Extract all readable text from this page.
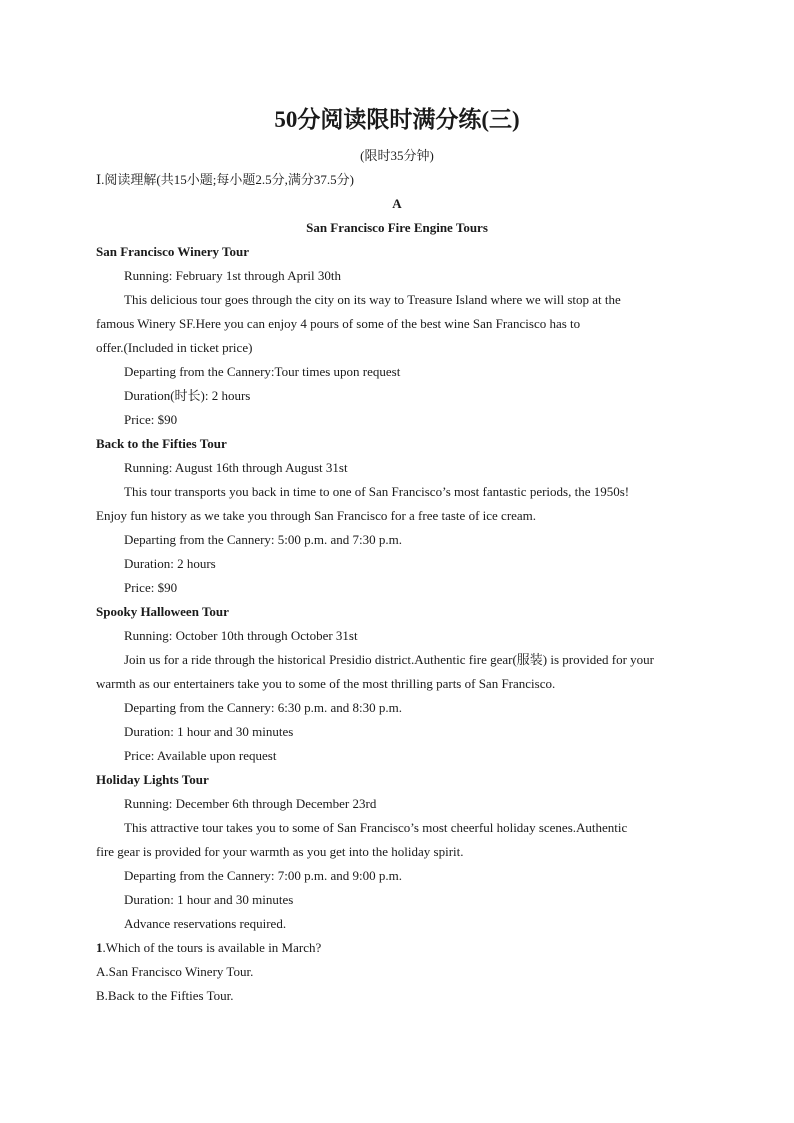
50分阅读限时满分练(三)
(限时35分钟)
Ⅰ.阅读理解(共15小题;每小题2.5分,满分37.5分)
A
San Francisco Fire Engine Tours
San Francisco Winery Tour
Running: February 1st through April 30th
This delicious tour goes through the city on its way to Treasure Island where we will stop at the
famous Winery SF.Here you can enjoy 4 pours of some of the best wine San Francisco has to
offer.(Included in ticket price)
Departing from the Cannery:Tour times upon request
Duration(时长): 2 hours
Price: $90
Back to the Fifties Tour
Running: August 16th through August 31st
This tour transports you back in time to one of San Francisco’s most fantastic periods, the 1950s!
Enjoy fun history as we take you through San Francisco for a free taste of ice cream.
Departing from the Cannery: 5:00 p.m. and 7:30 p.m.
Duration: 2 hours
Price: $90
Spooky Halloween Tour
Running: October 10th through October 31st
Join us for a ride through the historical Presidio district.Authentic fire gear(服装) is provided for your
warmth as our entertainers take you to some of the most thrilling parts of San Francisco.
Departing from the Cannery: 6:30 p.m. and 8:30 p.m.
Duration: 1 hour and 30 minutes
Price: Available upon request
Holiday Lights Tour
Running: December 6th through December 23rd
This attractive tour takes you to some of San Francisco’s most cheerful holiday scenes.Authentic
fire gear is provided for your warmth as you get into the holiday spirit.
Departing from the Cannery: 7:00 p.m. and 9:00 p.m.
Duration: 1 hour and 30 minutes
Advance reservations required.
1.Which of the tours is available in March?
A.San Francisco Winery Tour.
B.Back to the Fifties Tour.
